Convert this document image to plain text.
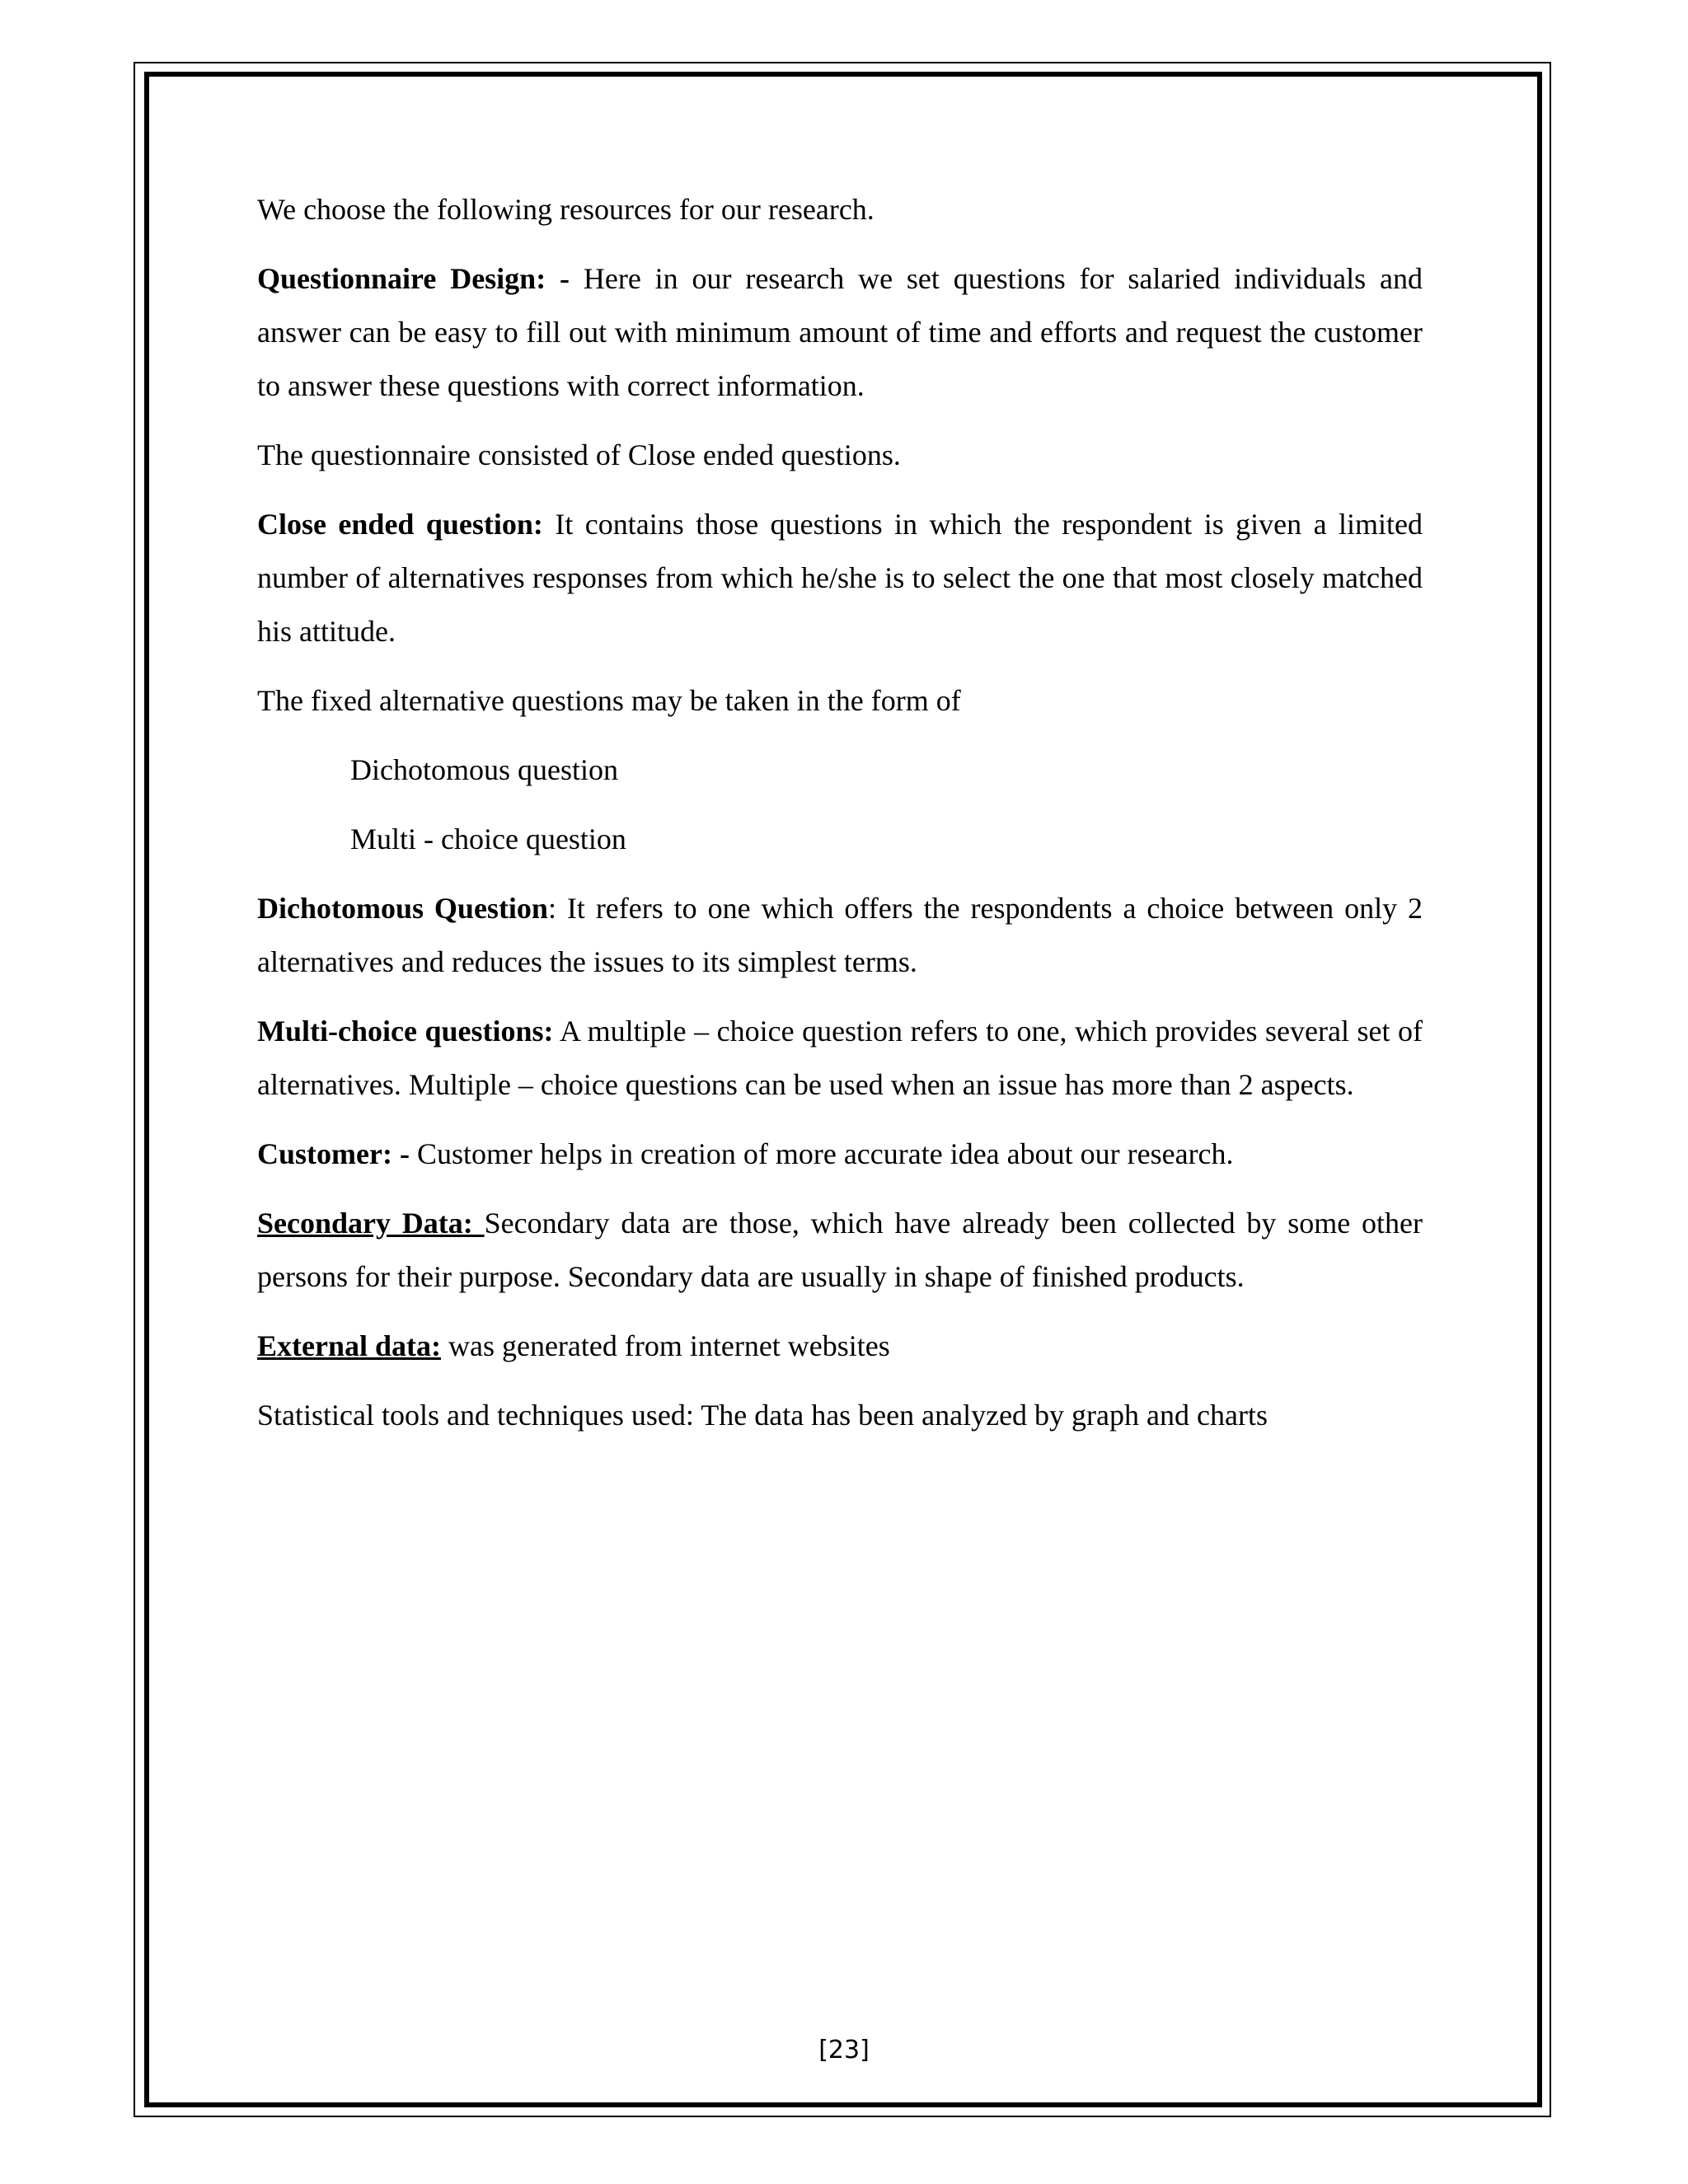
We choose the following resources for our research.

Questionnaire Design: - Here in our research we set questions for salaried individuals and answer can be easy to fill out with minimum amount of time and efforts and request the customer to answer these questions with correct information.

The questionnaire consisted of Close ended questions.

Close ended question: It contains those questions in which the respondent is given a limited number of alternatives responses from which he/she is to select the one that most closely matched his attitude.

The fixed alternative questions may be taken in the form of

Dichotomous question

Multi - choice question

Dichotomous Question: It refers to one which offers the respondents a choice between only 2 alternatives and reduces the issues to its simplest terms.

Multi-choice questions: A multiple – choice question refers to one, which provides several set of alternatives. Multiple – choice questions can be used when an issue has more than 2 aspects.

Customer: - Customer helps in creation of more accurate idea about our research.

Secondary Data: Secondary data are those, which have already been collected by some other persons for their purpose. Secondary data are usually in shape of finished products.

External data: was generated from internet websites

Statistical tools and techniques used: The data has been analyzed by graph and charts

[23]
